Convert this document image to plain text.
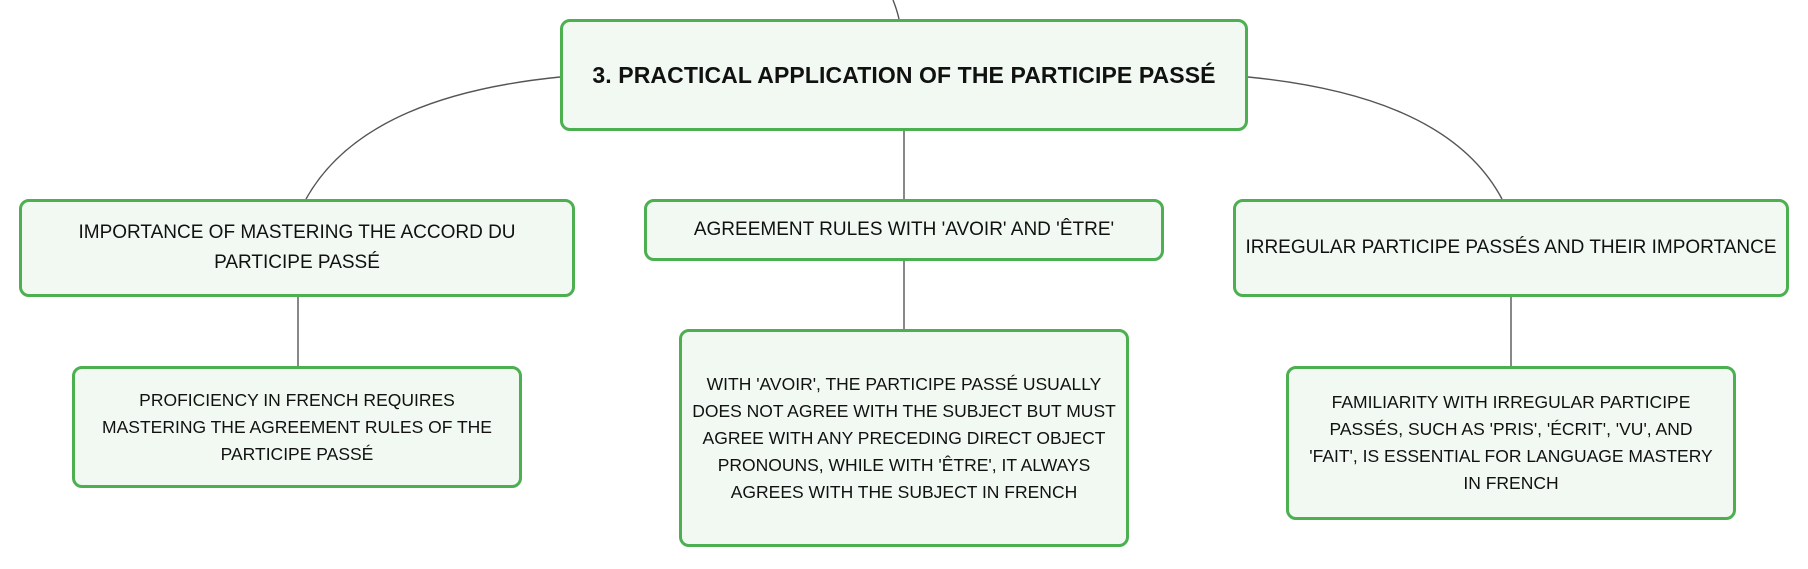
3. PRACTICAL APPLICATION OF THE PARTICIPE PASSÉ
IMPORTANCE OF MASTERING THE ACCORD DU PARTICIPE PASSÉ
AGREEMENT RULES WITH 'AVOIR' AND 'ÊTRE'
IRREGULAR PARTICIPE PASSÉS AND THEIR IMPORTANCE
PROFICIENCY IN FRENCH REQUIRES MASTERING THE AGREEMENT RULES OF THE PARTICIPE PASSÉ
WITH 'AVOIR', THE PARTICIPE PASSÉ USUALLY DOES NOT AGREE WITH THE SUBJECT BUT MUST AGREE WITH ANY PRECEDING DIRECT OBJECT PRONOUNS, WHILE WITH 'ÊTRE', IT ALWAYS AGREES WITH THE SUBJECT IN FRENCH
FAMILIARITY WITH IRREGULAR PARTICIPE PASSÉS, SUCH AS 'PRIS', 'ÉCRIT', 'VU', AND 'FAIT', IS ESSENTIAL FOR LANGUAGE MASTERY IN FRENCH
